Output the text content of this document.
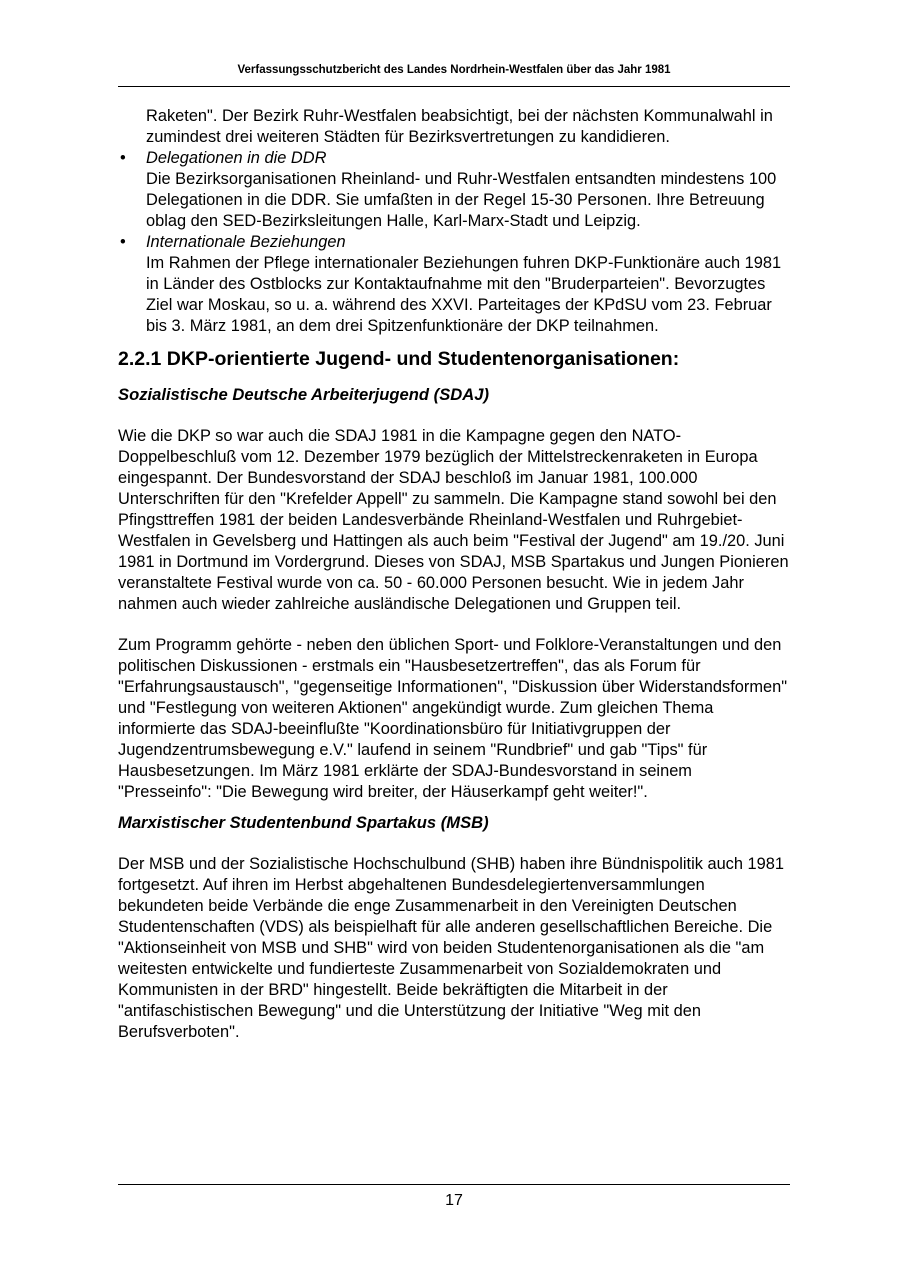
Verfassungsschutzbericht des Landes Nordrhein-Westfalen über das Jahr 1981

Raketen". Der Bezirk Ruhr-Westfalen beabsichtigt, bei der nächsten Kommunalwahl in zumindest drei weiteren Städten für Bezirksvertretungen zu kandidieren.

• Delegationen in die DDR
Die Bezirksorganisationen Rheinland- und Ruhr-Westfalen entsandten mindestens 100 Delegationen in die DDR. Sie umfaßten in der Regel 15-30 Personen. Ihre Betreuung oblag den SED-Bezirksleitungen Halle, Karl-Marx-Stadt und Leipzig.
• Internationale Beziehungen
Im Rahmen der Pflege internationaler Beziehungen fuhren DKP-Funktionäre auch 1981 in Länder des Ostblocks zur Kontaktaufnahme mit den "Bruderparteien". Bevorzugtes Ziel war Moskau, so u. a. während des XXVI. Parteitages der KPdSU vom 23. Februar bis 3. März 1981, an dem drei Spitzenfunktionäre der DKP teilnahmen.
2.2.1 DKP-orientierte Jugend- und Studentenorganisationen:
Sozialistische Deutsche Arbeiterjugend (SDAJ)

Wie die DKP so war auch die SDAJ 1981 in die Kampagne gegen den NATO-Doppelbeschluß vom 12. Dezember 1979 bezüglich der Mittelstreckenraketen in Europa eingespannt. Der Bundesvorstand der SDAJ beschloß im Januar 1981, 100.000 Unterschriften für den "Krefelder Appell" zu sammeln. Die Kampagne stand sowohl bei den Pfingsttreffen 1981 der beiden Landesverbände Rheinland-Westfalen und Ruhrgebiet-Westfalen in Gevelsberg und Hattingen als auch beim "Festival der Jugend" am 19./20. Juni 1981 in Dortmund im Vordergrund. Dieses von SDAJ, MSB Spartakus und Jungen Pionieren veranstaltete Festival wurde von ca. 50 - 60.000 Personen besucht. Wie in jedem Jahr nahmen auch wieder zahlreiche ausländische Delegationen und Gruppen teil.

Zum Programm gehörte - neben den üblichen Sport- und Folklore-Veranstaltungen und den politischen Diskussionen - erstmals ein "Hausbesetzertreffen", das als Forum für "Erfahrungsaustausch", "gegenseitige Informationen", "Diskussion über Widerstandsformen" und "Festlegung von weiteren Aktionen" angekündigt wurde. Zum gleichen Thema informierte das SDAJ-beeinflußte "Koordinationsbüro für Initiativgruppen der Jugendzentrumsbewegung e.V." laufend in seinem "Rundbrief" und gab "Tips" für Hausbesetzungen. Im März 1981 erklärte der SDAJ-Bundesvorstand in seinem "Presseinfo": "Die Bewegung wird breiter, der Häuserkampf geht weiter!".

Marxistischer Studentenbund Spartakus (MSB)

Der MSB und der Sozialistische Hochschulbund (SHB) haben ihre Bündnispolitik auch 1981 fortgesetzt. Auf ihren im Herbst abgehaltenen Bundesdelegiertenversammlungen bekundeten beide Verbände die enge Zusammenarbeit in den Vereinigten Deutschen Studentenschaften (VDS) als beispielhaft für alle anderen gesellschaftlichen Bereiche. Die "Aktionseinheit von MSB und SHB" wird von beiden Studentenorganisationen als die "am weitesten entwickelte und fundierteste Zusammenarbeit von Sozialdemokraten und Kommunisten in der BRD" hingestellt. Beide bekräftigten die Mitarbeit in der "antifaschistischen Bewegung" und die Unterstützung der Initiative "Weg mit den Berufsverboten".

17
